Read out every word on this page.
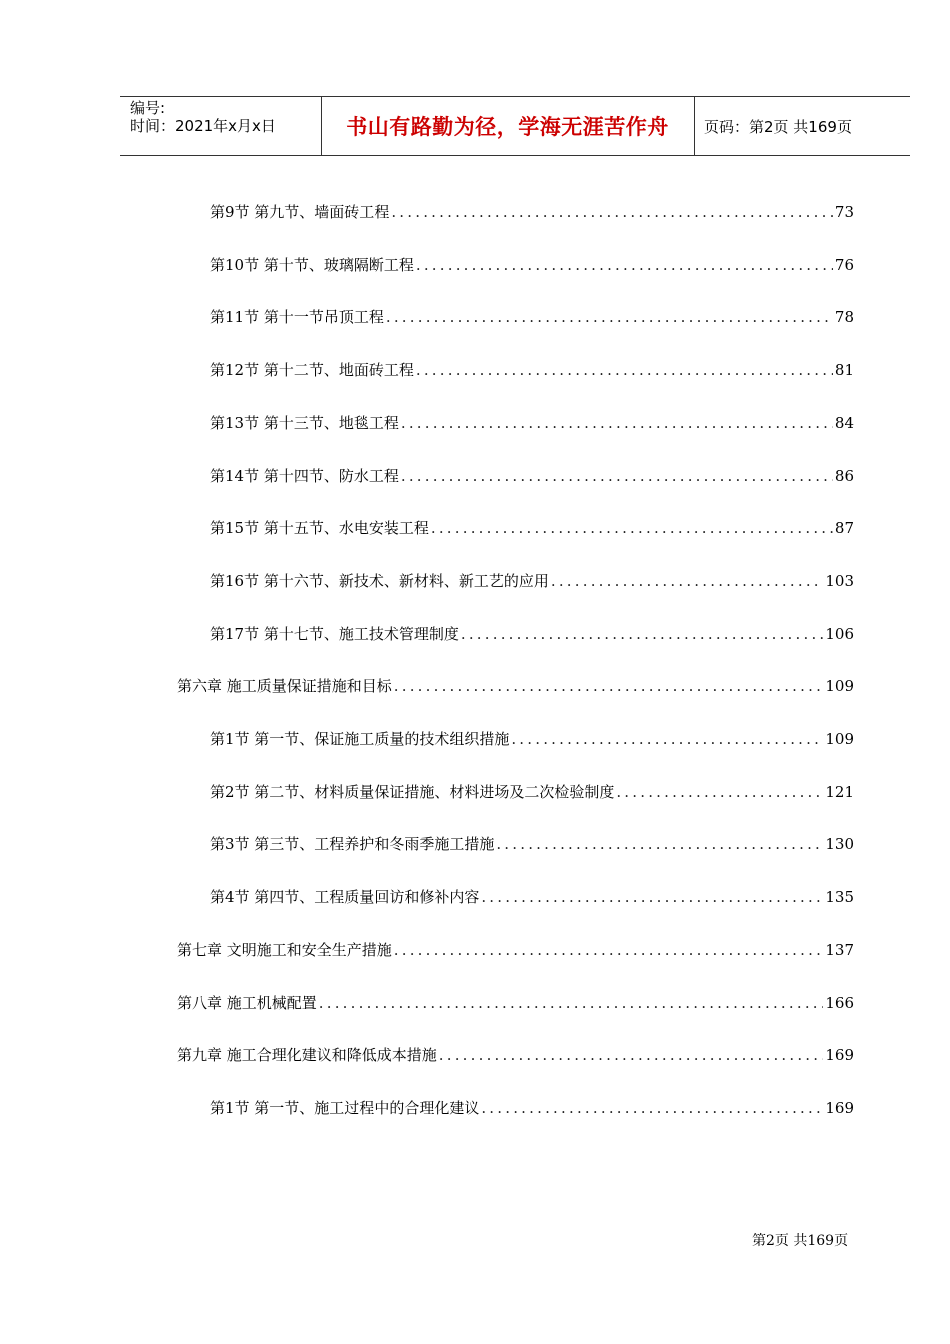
编号:
时间：2021年x月x日	书山有路勤为径，学海无涯苦作舟	页码：第2页 共169页
第9节 第九节、墙面砖工程 .....	73
第10节 第十节、玻璃隔断工程 .....	76
第11节 第十一节吊顶工程 .....	78
第12节 第十二节、地面砖工程 .....	81
第13节 第十三节、地毯工程 .....	84
第14节 第十四节、防水工程 .....	86
第15节 第十五节、水电安装工程 .....	87
第16节 第十六节、新技术、新材料、新工艺的应用 .....	103
第17节 第十七节、施工技术管理制度 .....	106
第六章 施工质量保证措施和目标 .....	109
第1节 第一节、保证施工质量的技术组织措施 .....	109
第2节 第二节、材料质量保证措施、材料进场及二次检验制度 .....	121
第3节 第三节、工程养护和冬雨季施工措施 .....	130
第4节 第四节、工程质量回访和修补内容 .....	135
第七章 文明施工和安全生产措施 .....	137
第八章 施工机械配置 .....	166
第九章 施工合理化建议和降低成本措施 .....	169
第1节 第一节、施工过程中的合理化建议 .....	169
第2页 共169页
